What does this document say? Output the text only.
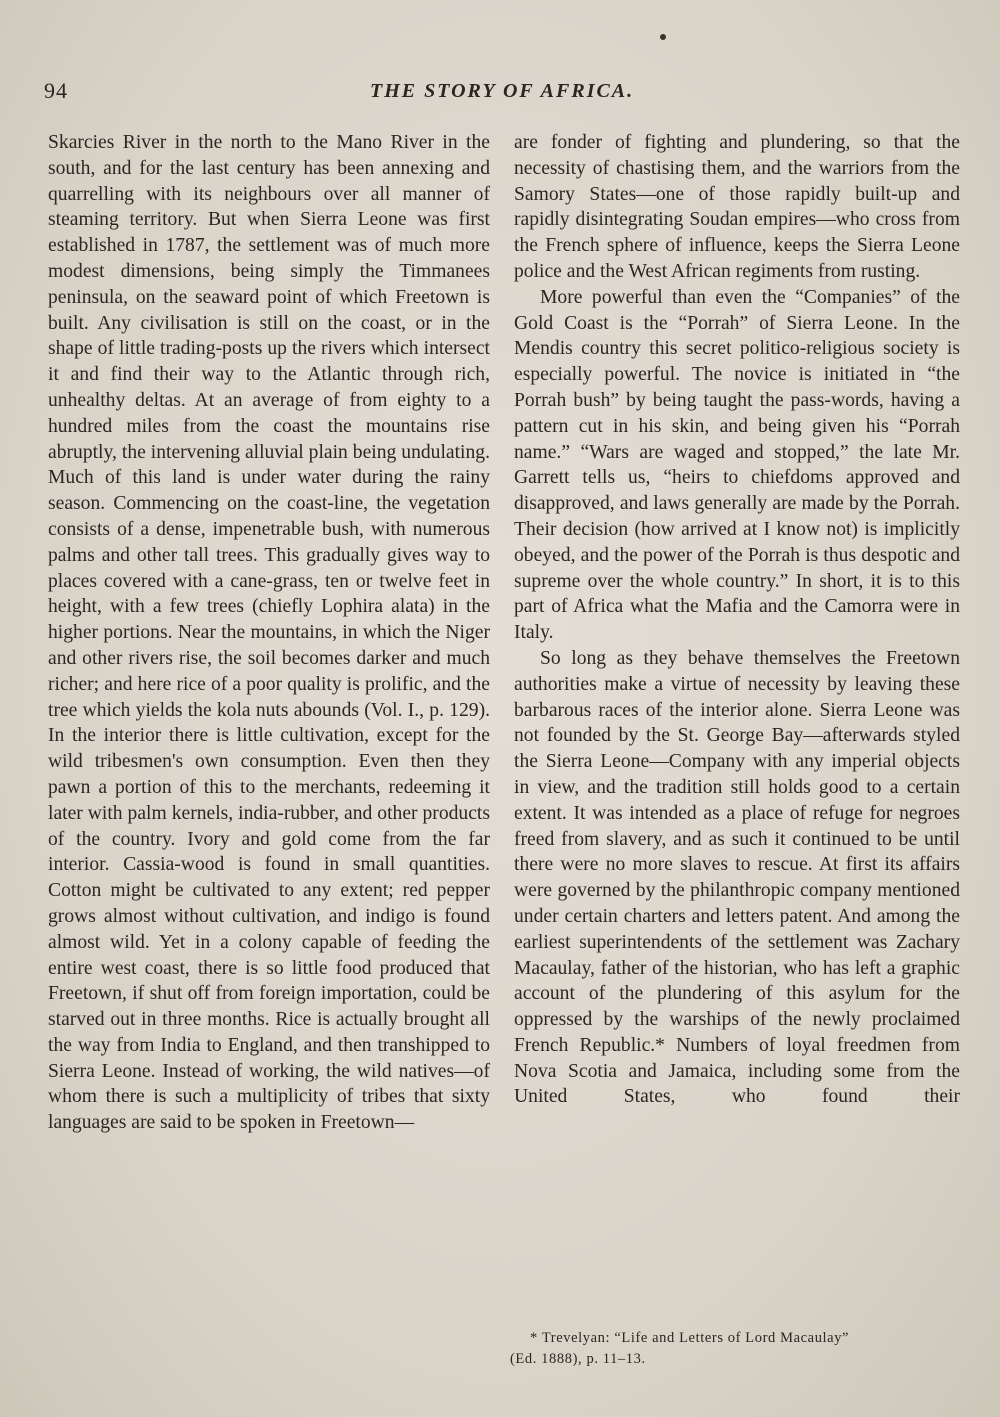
94	THE STORY OF AFRICA.

Skarcies River in the north to the Mano River in the south, and for the last century has been annexing and quarrelling with its neighbours over all manner of steaming territory. But when Sierra Leone was first established in 1787, the settlement was of much more modest dimensions, being simply the Timmanees peninsula, on the seaward point of which Freetown is built. Any civilisation is still on the coast, or in the shape of little trading-posts up the rivers which intersect it and find their way to the Atlantic through rich, unhealthy deltas. At an average of from eighty to a hundred miles from the coast the mountains rise abruptly, the intervening alluvial plain being undulating. Much of this land is under water during the rainy season. Commencing on the coast-line, the vegetation consists of a dense, impenetrable bush, with numerous palms and other tall trees. This gradually gives way to places covered with a cane-grass, ten or twelve feet in height, with a few trees (chiefly Lophira alata) in the higher portions. Near the mountains, in which the Niger and other rivers rise, the soil becomes darker and much richer; and here rice of a poor quality is prolific, and the tree which yields the kola nuts abounds (Vol. I., p. 129). In the interior there is little cultivation, except for the wild tribesmen's own consumption. Even then they pawn a portion of this to the merchants, redeeming it later with palm kernels, india-rubber, and other products of the country. Ivory and gold come from the far interior. Cassia-wood is found in small quantities. Cotton might be cultivated to any extent; red pepper grows almost without cultivation, and indigo is found almost wild. Yet in a colony capable of feeding the entire west coast, there is so little food produced that Freetown, if shut off from foreign importation, could be starved out in three months. Rice is actually brought all the way from India to England, and then transhipped to Sierra Leone. Instead of working, the wild natives—of whom there is such a multiplicity of tribes that sixty languages are said to be spoken in Freetown—

are fonder of fighting and plundering, so that the necessity of chastising them, and the warriors from the Samory States—one of those rapidly built-up and rapidly disintegrating Soudan empires—who cross from the French sphere of influence, keeps the Sierra Leone police and the West African regiments from rusting.

More powerful than even the “Companies” of the Gold Coast is the “Porrah” of Sierra Leone. In the Mendis country this secret politico-religious society is especially powerful. The novice is initiated in “the Porrah bush” by being taught the pass-words, having a pattern cut in his skin, and being given his “Porrah name.” “Wars are waged and stopped,” the late Mr. Garrett tells us, “heirs to chiefdoms approved and disapproved, and laws generally are made by the Porrah. Their decision (how arrived at I know not) is implicitly obeyed, and the power of the Porrah is thus despotic and supreme over the whole country.” In short, it is to this part of Africa what the Mafia and the Camorra were in Italy.

So long as they behave themselves the Freetown authorities make a virtue of necessity by leaving these barbarous races of the interior alone. Sierra Leone was not founded by the St. George Bay—afterwards styled the Sierra Leone—Company with any imperial objects in view, and the tradition still holds good to a certain extent. It was intended as a place of refuge for negroes freed from slavery, and as such it continued to be until there were no more slaves to rescue. At first its affairs were governed by the philanthropic company mentioned under certain charters and letters patent. And among the earliest superintendents of the settlement was Zachary Macaulay, father of the historian, who has left a graphic account of the plundering of this asylum for the oppressed by the warships of the newly proclaimed French Republic.* Numbers of loyal freedmen from Nova Scotia and Jamaica, including some from the United States, who found their

* Trevelyan: “Life and Letters of Lord Macaulay”
(Ed. 1888), p. 11–13.
